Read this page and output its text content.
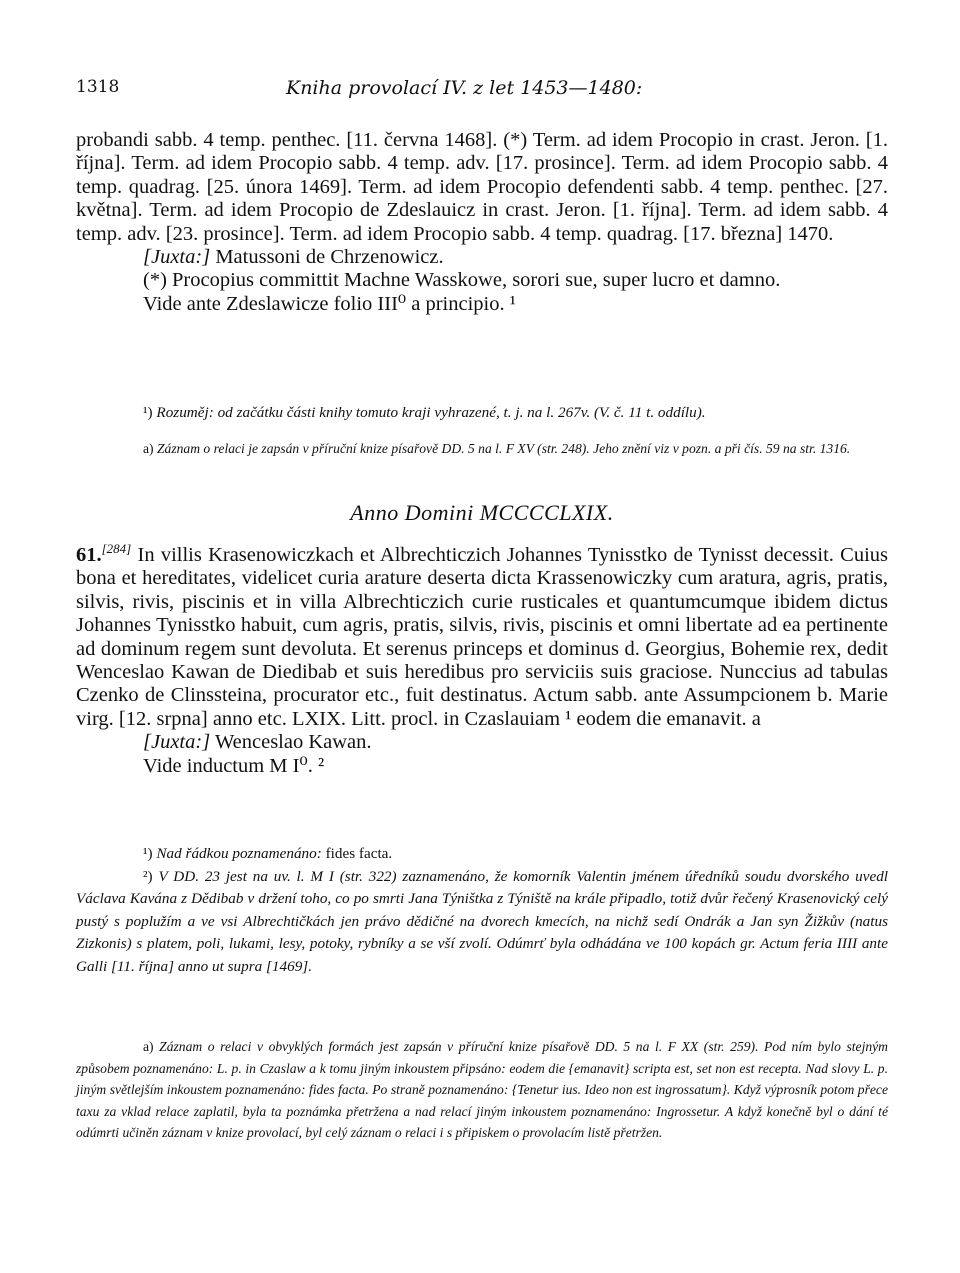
1318	Kniha provolací IV. z let 1453—1480:

probandi sabb. 4 temp. penthec. [11. června 1468]. (*) Term. ad idem Procopio in crast. Jeron. [1. října]. Term. ad idem Procopio sabb. 4 temp. adv. [17. prosince]. Term. ad idem Procopio sabb. 4 temp. quadrag. [25. února 1469]. Term. ad idem Procopio defendenti sabb. 4 temp. penthec. [27. května]. Term. ad idem Procopio de Zdeslauicz in crast. Jeron. [1. října]. Term. ad idem sabb. 4 temp. adv. [23. prosince]. Term. ad idem Procopio sabb. 4 temp. quadrag. [17. března] 1470.

[Juxta:] Matussoni de Chrzenowicz.

(*) Procopius committit Machne Wasskowe, sorori sue, super lucro et damno.

Vide ante Zdeslawicze folio III⁰ a principio. ¹

¹) Rozuměj: od začátku části knihy tomuto kraji vyhrazené, t. j. na l. 267v. (V. č. 11 t. oddílu).

a) Záznam o relaci je zapsán v příruční knize písařově DD. 5 na l. F XV (str. 248). Jeho znění viz v pozn. a při čís. 59 na str. 1316.

Anno Domini MCCCCLXIX.

61.[284] In villis Krasenowiczkach et Albrechticzich Johannes Tynisstko de Tynisst decessit. Cuius bona et hereditates, videlicet curia arature deserta dicta Krassenowiczky cum aratura, agris, pratis, silvis, rivis, piscinis et in villa Albrechticzich curie rusticales et quantumcumque ibidem dictus Johannes Tynisstko habuit, cum agris, pratis, silvis, rivis, piscinis et omni libertate ad ea pertinente ad dominum regem sunt devoluta. Et serenus princeps et dominus d. Georgius, Bohemie rex, dedit Wenceslao Kawan de Diedibab et suis heredibus pro serviciis suis graciose. Nunccius ad tabulas Czenko de Clinssteina, procurator etc., fuit destinatus. Actum sabb. ante Assumpcionem b. Marie virg. [12. srpna] anno etc. LXIX. Litt. procl. in Czaslauiam ¹ eodem die emanavit. a

[Juxta:] Wenceslao Kawan.

Vide inductum M I⁰. ²

¹) Nad řádkou poznamenáno: fides facta.

²) V DD. 23 jest na uv. l. M I (str. 322) zaznamenáno, že komorník Valentin jménem úředníků soudu dvorského uvedl Václava Kavána z Dědibab v držení toho, co po smrti Jana Týništka z Týniště na krále připadlo, totiž dvůr řečený Krasenovický celý pustý s poplužím a ve vsi Albrechtičkách jen právo dědičné na dvorech kmecích, na nichž sedí Ondrák a Jan syn Žižkův (natus Zizkonis) s platem, poli, lukami, lesy, potoky, rybníky a se vší zvolí. Odúmrť byla odhádána ve 100 kopách gr. Actum feria IIII ante Galli [11. října] anno ut supra [1469].

a) Záznam o relaci v obvyklých formách jest zapsán v příruční knize písařově DD. 5 na l. F XX (str. 259). Pod ním bylo stejným způsobem poznamenáno: L. p. in Czaslaw a k tomu jiným inkoustem připsáno: eodem die {emanavit} scripta est, set non est recepta. Nad slovy L. p. jiným světlejším inkoustem poznamenáno: fides facta. Po straně poznamenáno: {Tenetur ius. Ideo non est ingrossatum}. Když výprosník potom přece taxu za vklad relace zaplatil, byla ta poznámka přetržena a nad relací jiným inkoustem poznamenáno: Ingrossetur. A když konečně byl o dání té odúmrti učiněn záznam v knize provolací, byl celý záznam o relaci i s připiskem o provolacím listě přetržen.
